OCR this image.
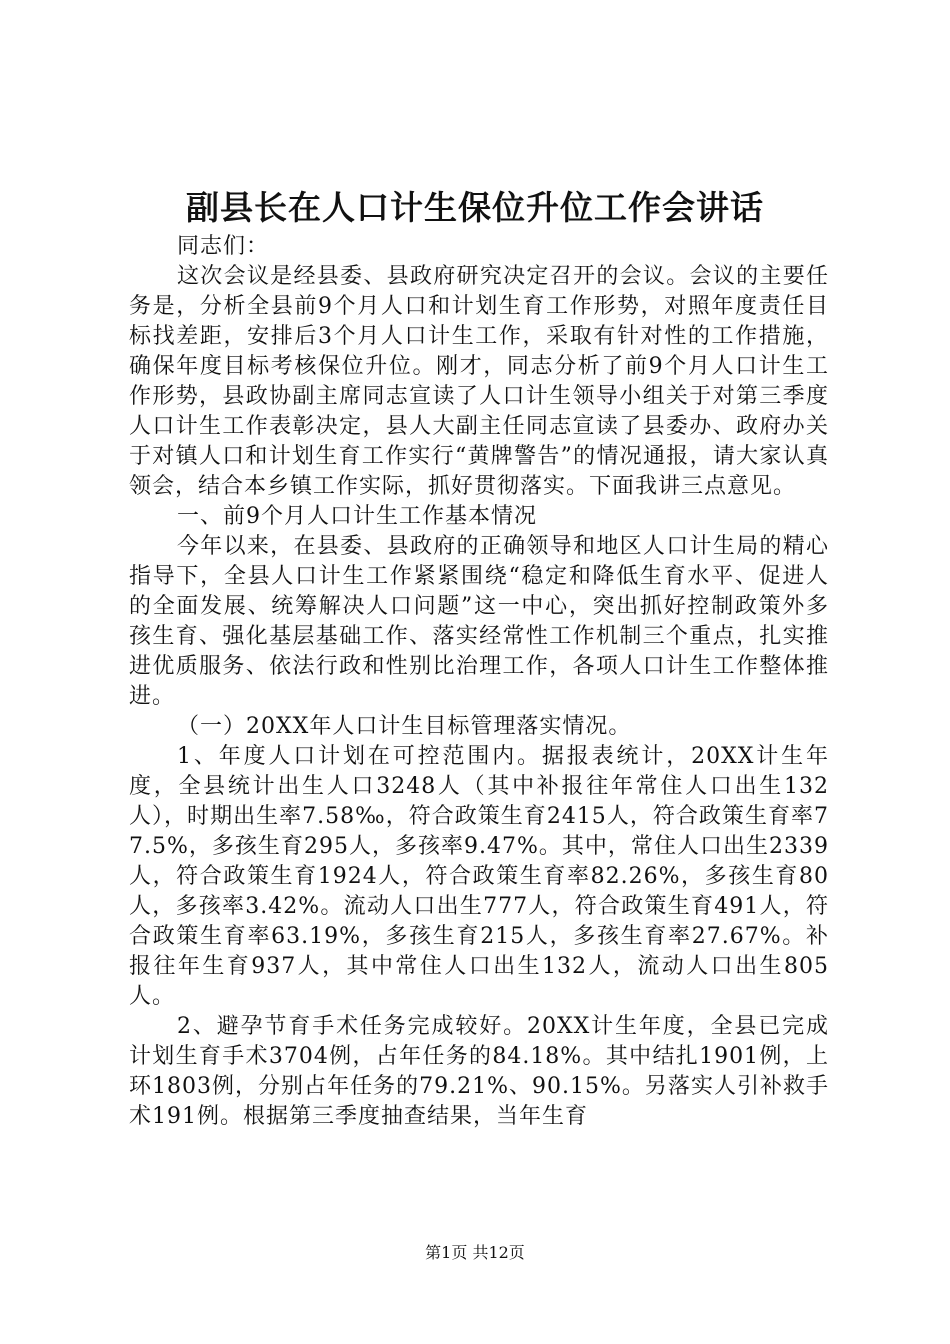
副县长在人口计生保位升位工作会讲话

同志们：

这次会议是经县委、县政府研究决定召开的会议。会议的主要任务是，分析全县前9个月人口和计划生育工作形势，对照年度责任目标找差距，安排后3个月人口计生工作，采取有针对性的工作措施，确保年度目标考核保位升位。刚才，同志分析了前9个月人口计生工作形势，县政协副主席同志宣读了人口计生领导小组关于对第三季度人口计生工作表彰决定，县人大副主任同志宣读了县委办、政府办关于对镇人口和计划生育工作实行“黄牌警告”的情况通报，请大家认真领会，结合本乡镇工作实际，抓好贯彻落实。下面我讲三点意见。

一、前9个月人口计生工作基本情况

今年以来，在县委、县政府的正确领导和地区人口计生局的精心指导下，全县人口计生工作紧紧围绕“稳定和降低生育水平、促进人的全面发展、统筹解决人口问题”这一中心，突出抓好控制政策外多孩生育、强化基层基础工作、落实经常性工作机制三个重点，扎实推进优质服务、依法行政和性别比治理工作，各项人口计生工作整体推进。

（一）20XX年人口计生目标管理落实情况。

1、年度人口计划在可控范围内。据报表统计，20XX计生年度，全县统计出生人口3248人（其中补报往年常住人口出生132人），时期出生率7.58‰，符合政策生育2415人，符合政策生育率77.5%，多孩生育295人，多孩率9.47%。其中，常住人口出生2339人，符合政策生育1924人，符合政策生育率82.26%，多孩生育80人，多孩率3.42%。流动人口出生777人，符合政策生育491人，符合政策生育率63.19%，多孩生育215人，多孩生育率27.67%。补报往年生育937人，其中常住人口出生132人，流动人口出生805人。

2、避孕节育手术任务完成较好。20XX计生年度，全县已完成计划生育手术3704例，占年任务的84.18%。其中结扎1901例，上环1803例，分别占年任务的79.21%、90.15%。另落实人引补救手术191例。根据第三季度抽查结果，当年生育

第1页 共12页
